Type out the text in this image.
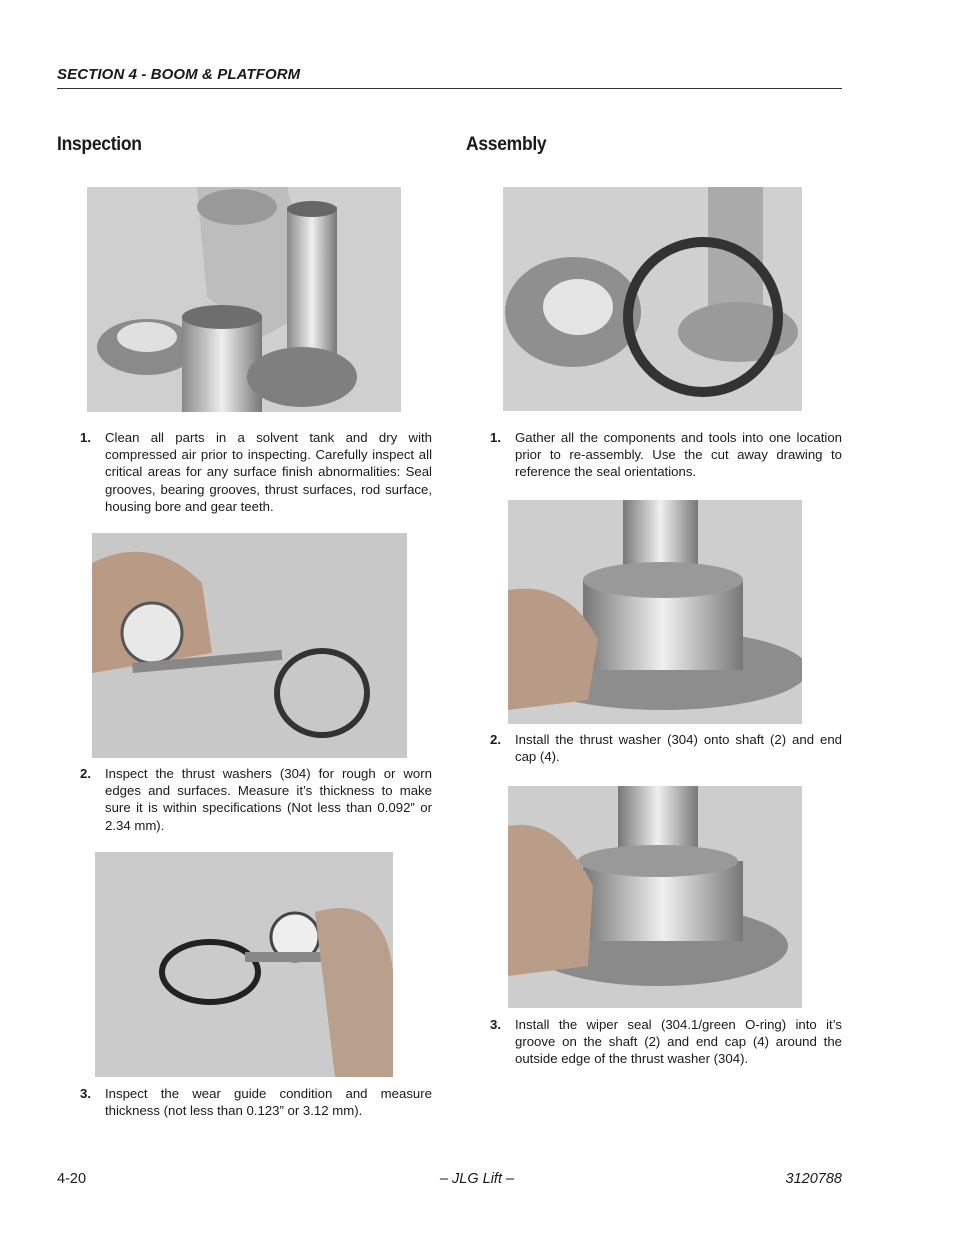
SECTION 4 - BOOM & PLATFORM
Inspection
1. Clean all parts in a solvent tank and dry with compressed air prior to inspecting. Carefully inspect all critical areas for any surface finish abnormalities: Seal grooves, bearing grooves, thrust surfaces, rod surface, housing bore and gear teeth.
2. Inspect the thrust washers (304) for rough or worn edges and surfaces. Measure it’s thickness to make sure it is within specifications (Not less than 0.092” or 2.34 mm).
3. Inspect the wear guide condition and measure thickness (not less than 0.123” or 3.12 mm).
Assembly
1. Gather all the components and tools into one location prior to re-assembly. Use the cut away drawing to reference the seal orientations.
2. Install the thrust washer (304) onto shaft (2) and end cap (4).
3. Install the wiper seal (304.1/green O-ring) into it’s groove on the shaft (2) and end cap (4) around the outside edge of the thrust washer (304).
4-20	– JLG Lift –	3120788
